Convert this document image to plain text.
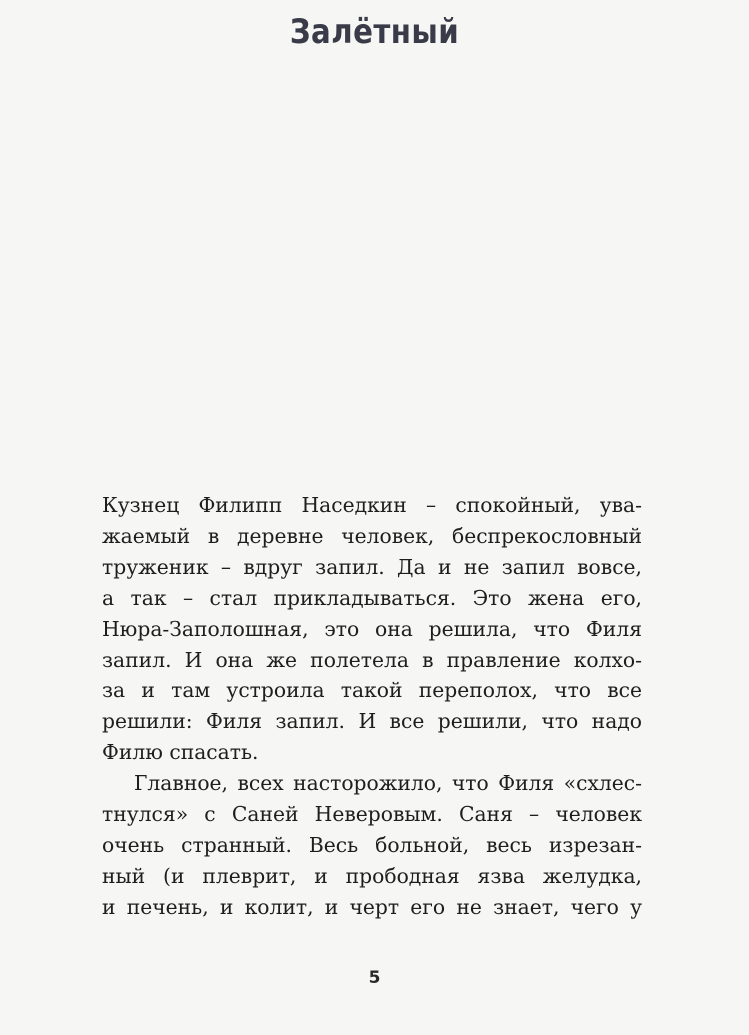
Залётный

Кузнец Филипп Наседкин – спокойный, ува-
жаемый в деревне человек, беспрекословный
труженик – вдруг запил. Да и не запил вовсе,
а так – стал прикладываться. Это жена его,
Нюра-Заполошная, это она решила, что Филя
запил. И она же полетела в правление колхо-
за и там устроила такой переполох, что все
решили: Филя запил. И все решили, что надо
Филю спасать.

Главное, всех насторожило, что Филя «схлес-
тнулся» с Саней Неверовым. Саня – человек
очень странный. Весь больной, весь изрезан-
ный (и плеврит, и прободная язва желудка,
и печень, и колит, и черт его не знает, чего у

5
